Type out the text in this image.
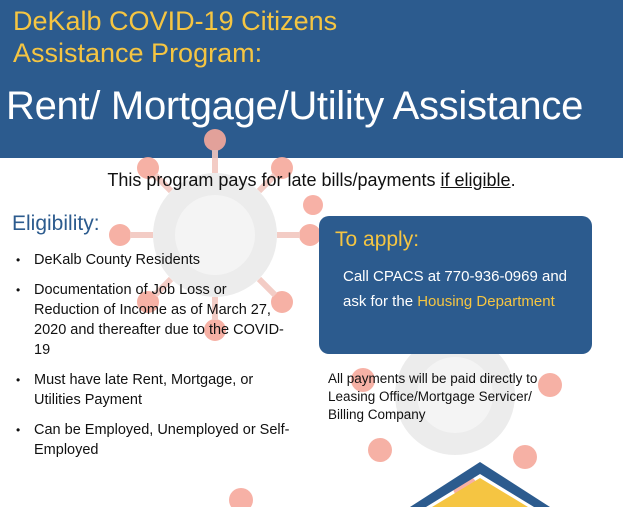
DeKalb COVID-19 Citizens
Assistance Program:
Rent/ Mortgage/Utility Assistance
This program pays for late bills/payments if eligible.
Eligibility:
• DeKalb County Residents
• Documentation of Job Loss or Reduction of Income as of March 27, 2020 and thereafter due to the COVID-19
• Must have late Rent, Mortgage, or Utilities Payment
• Can be Employed, Unemployed or Self-Employed
To apply:
Call CPACS at 770-936-0969 and ask for the Housing Department
All payments will be paid directly to Leasing Office/Mortgage Servicer/ Billing Company
